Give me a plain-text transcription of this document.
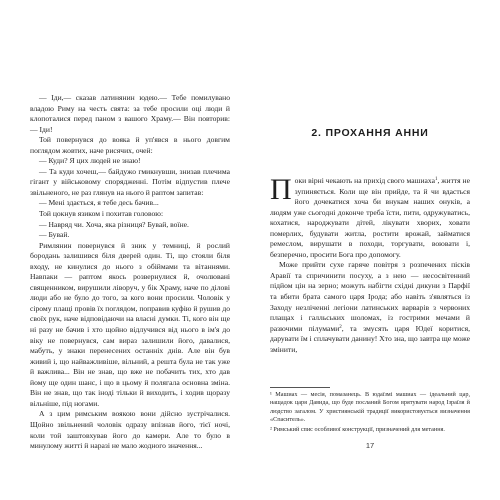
— Іди,— сказав латинянин юдею.— Тебе помилувано владою Риму на честь свята: за тебе просили оці люди й клопоталися перед паном з вашого Храму.— Він повторив: — Іди!

Той повернувся до вояка й уп'явся в нього довгим поглядом жовтих, наче рисячих, очей:

— Куди? Я цих людей не знаю!

— Та куди хочеш,— байдужо гмикнувши, знизав плечима гігант у військовому спорядженні. Потім відпустив плече звільненого, не раз глянув на нього й раптом запитав:

— Мені здається, я тебе десь бачив...

Той цокнув язиком і похитав головою:

— Навряд чи. Хоча, яка різниця? Бувай, воїне.

— Бувай.

Римлянин повернувся й зник у темниці, й рослий бородань залишився біля дверей один. Ті, що стояли біля входу, не кинулися до нього з обіймами та вітаннями. Навпаки — раптом якось розвернулися й, очолювані священником, вирушили ліворуч, у бік Храму, наче по ділові люди або не було до того, за кого вони просили. Чоловік у сірому плащі провів їх поглядом, поправив куфію й рушив до своїх рук, наче відповідаючи на власні думки. Ті, кого він ще ні разу не бачив і хто щойно відлучився від нього в ім'я до віку не повернувся, сам вираз залишили його, давалися, мабуть, у знаки перенесених останніх днів. Але він був живий і, що найважливіше, вільний, а решта була не так уже й важлива... Він не знав, що вже не побачить тих, хто дав йому ще один шанс, і що в цьому й полягала основна зміна. Він не знав, що так іноді тільки й виходить, і ходив щоразу вільніше, під ногами.

А з цим римським воякою вони дійсно зустрічалися. Щойно звільнений чоловік одразу впізнав його, тієї ночі, коли той заштовхував його до камери. Але то було в минулому житті й наразі не мало жодного значення...

2. ПРОХАННЯ АННИ

Поки вірні чекають на прихід свого машиаха$^1$, життя не зупиняється. Коли ще він прийде, та й чи вдасться його дочекатися хоча би внукам наших онуків, а людям уже сьогодні доконче треба їсти, пити, одружуватись, кохатися, народжувати дітей, лікувати хворих, ховати померлих, будувати житла, ростити врожай, займатися ремеслом, вирушати в походи, торгувати, воювати і, безперечно, просити Бога про допомогу.

Може прийти сухе гаряче повітря з розпечених пісків Аравії та спричинити посуху, а з нею — несосвітенний підйом цін на зерно; можуть набігти східні дикуни з Парфії та вбити брата самого царя Ірода; або навіть з'являться із Заходу незліченні легіони латинських варварів з червоних плащах і галльських шоломах, із гострими мечами й разючими пілумами$^2$, та змусять царя Юдеї коритися, дарувати їм і сплачувати данину! Хто зна, що завтра ще може змінити,

¹ Машиах — месія, помазанець. В юдаїзмі машиах — ідеальний цар, нащадок царя Давида, що буде посланий Богом врятувати народ Ізраїля й людство загалом. У християнській традиції використовується визначення «Спаситель».

² Римський спис особливої конструкції, призначений для метання.

17
